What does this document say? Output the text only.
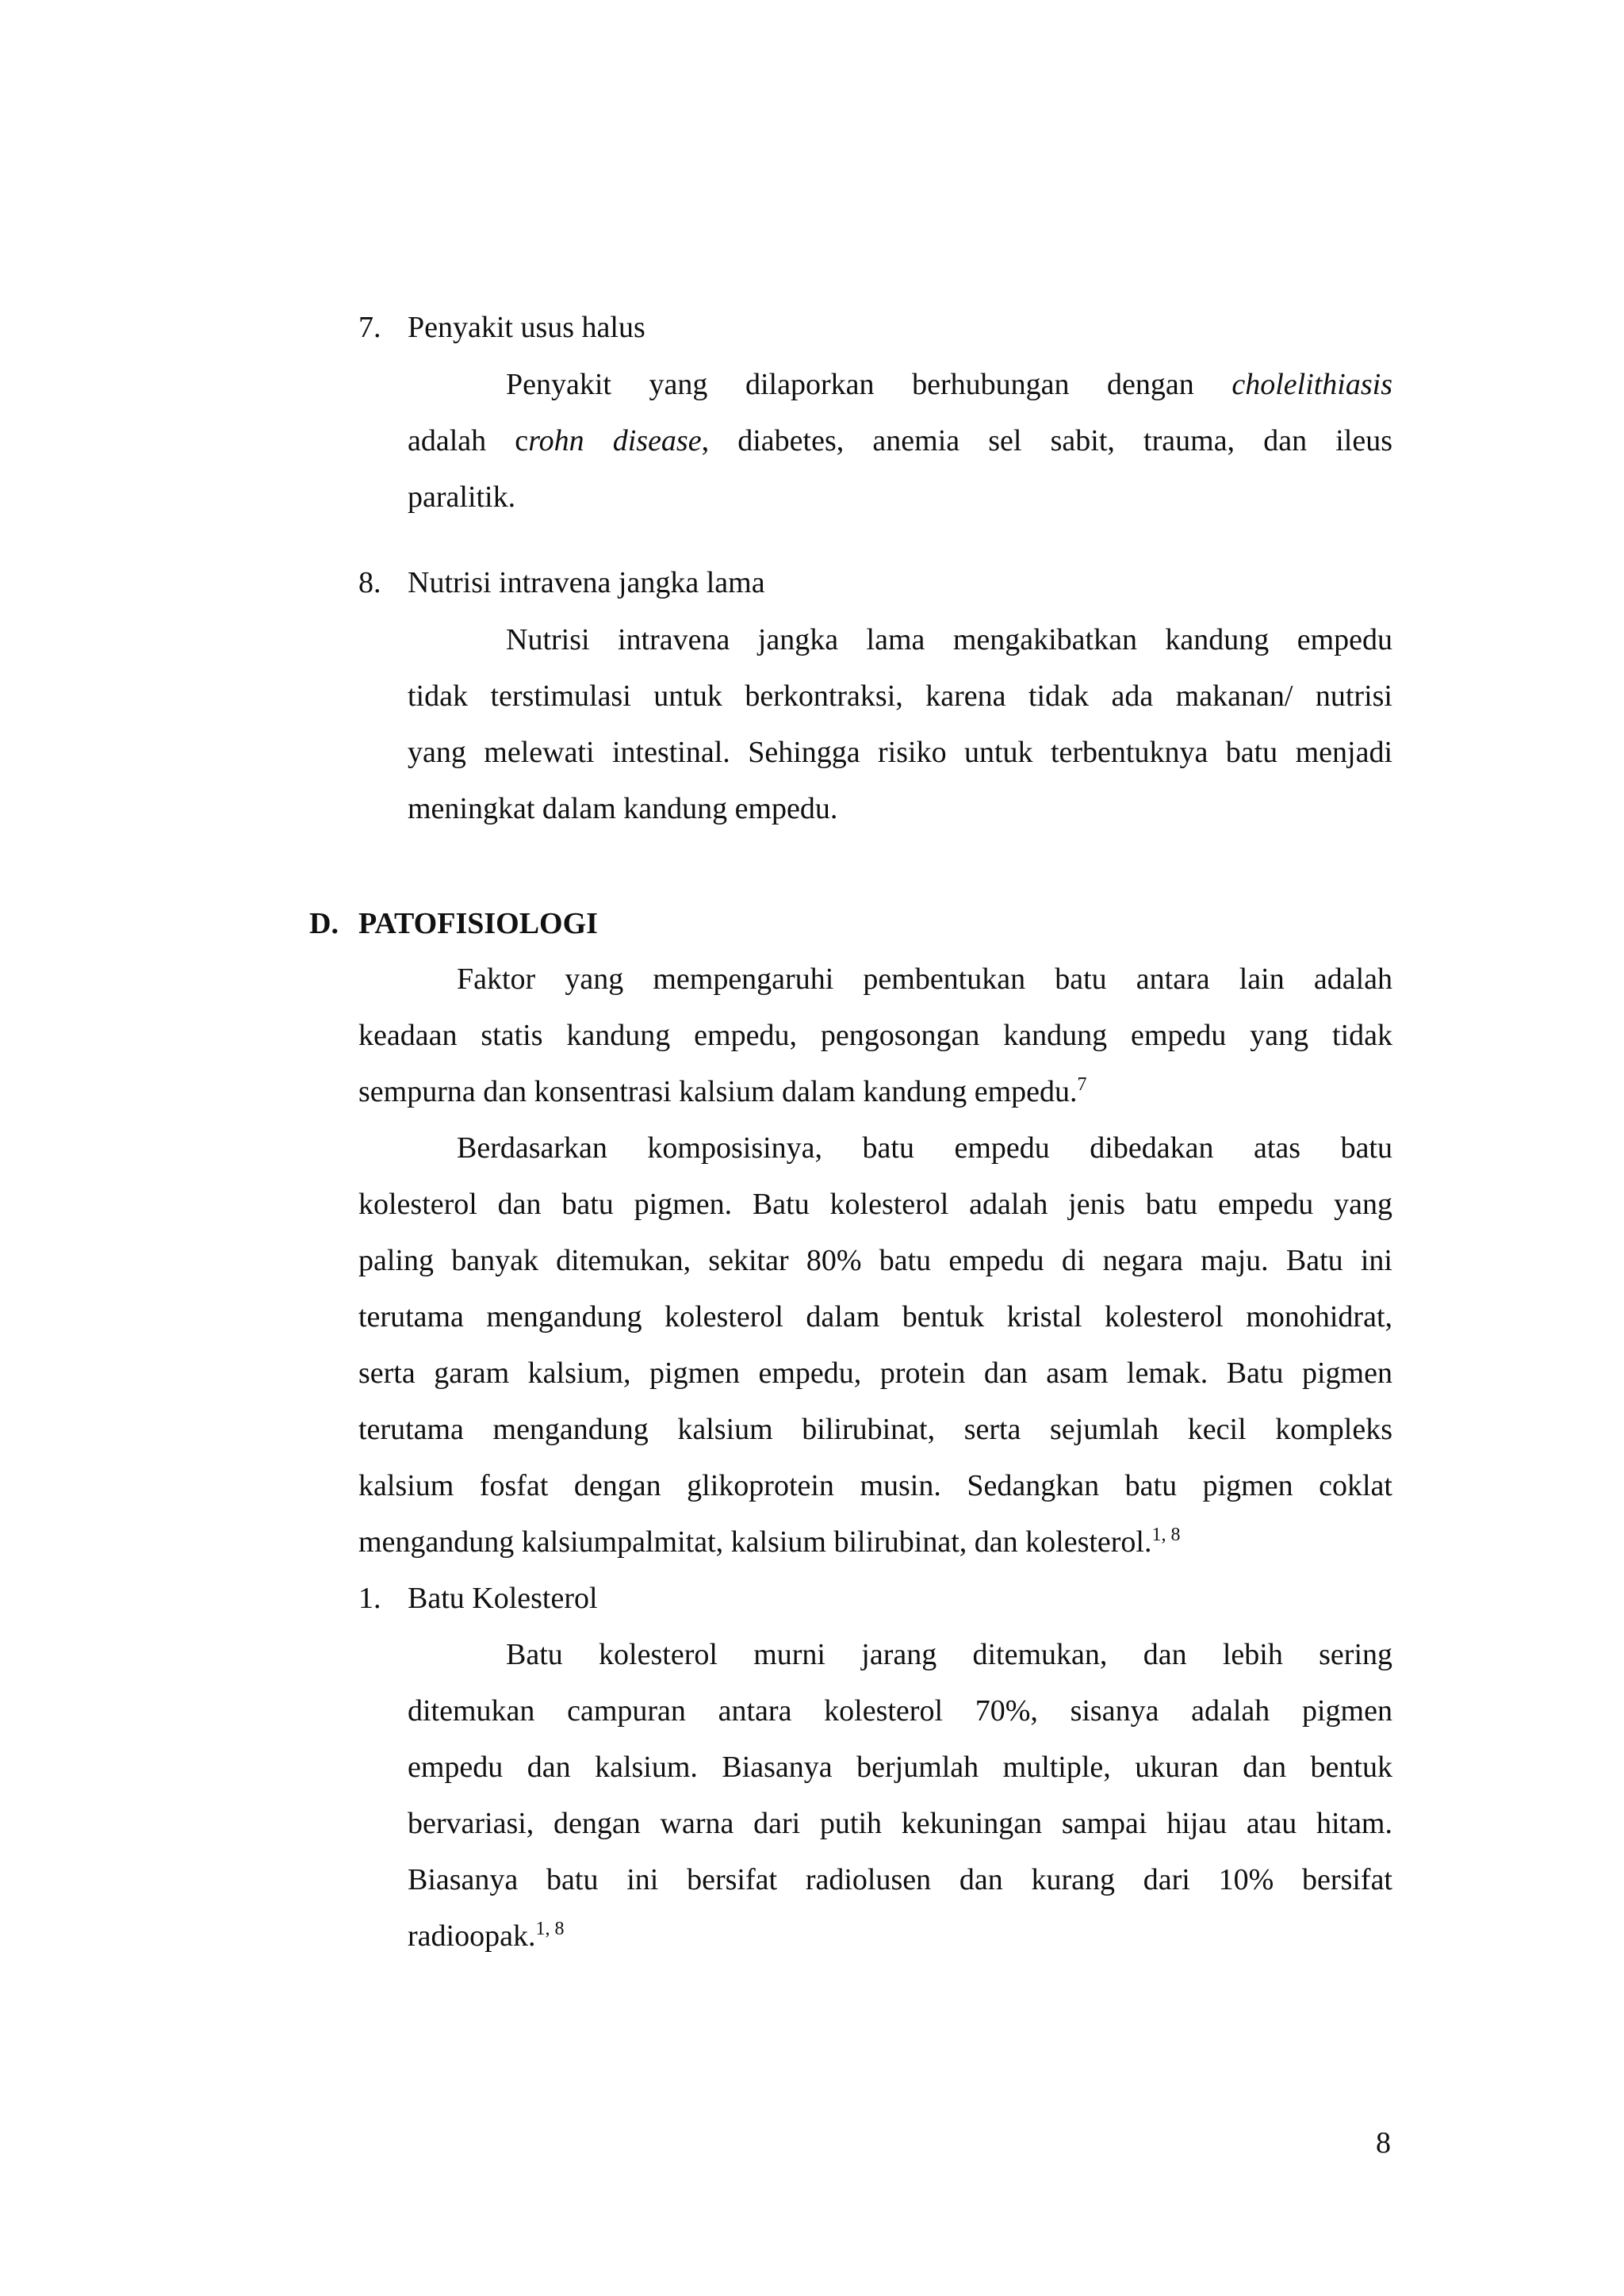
7. Penyakit usus halus
Penyakit yang dilaporkan berhubungan dengan cholelithiasis
adalah crohn disease, diabetes, anemia sel sabit, trauma, dan ileus
paralitik.
8. Nutrisi intravena jangka lama
Nutrisi intravena jangka lama mengakibatkan kandung empedu
tidak terstimulasi untuk berkontraksi, karena tidak ada makanan/ nutrisi
yang melewati intestinal. Sehingga risiko untuk terbentuknya batu menjadi
meningkat dalam kandung empedu.
D. PATOFISIOLOGI
Faktor yang mempengaruhi pembentukan batu antara lain adalah
keadaan statis kandung empedu, pengosongan kandung empedu yang tidak
sempurna dan konsentrasi kalsium dalam kandung empedu.$^7$
Berdasarkan komposisinya, batu empedu dibedakan atas batu
kolesterol dan batu pigmen. Batu kolesterol adalah jenis batu empedu yang
paling banyak ditemukan, sekitar 80% batu empedu di negara maju. Batu ini
terutama mengandung kolesterol dalam bentuk kristal kolesterol monohidrat,
serta garam kalsium, pigmen empedu, protein dan asam lemak. Batu pigmen
terutama mengandung kalsium bilirubinat, serta sejumlah kecil kompleks
kalsium fosfat dengan glikoprotein musin. Sedangkan batu pigmen coklat
mengandung kalsiumpalmitat, kalsium bilirubinat, dan kolesterol.$^{1, 8}$
1. Batu Kolesterol
Batu kolesterol murni jarang ditemukan, dan lebih sering
ditemukan campuran antara kolesterol 70%, sisanya adalah pigmen
empedu dan kalsium. Biasanya berjumlah multiple, ukuran dan bentuk
bervariasi, dengan warna dari putih kekuningan sampai hijau atau hitam.
Biasanya batu ini bersifat radiolusen dan kurang dari 10% bersifat
radioopak.$^{1, 8}$
8
